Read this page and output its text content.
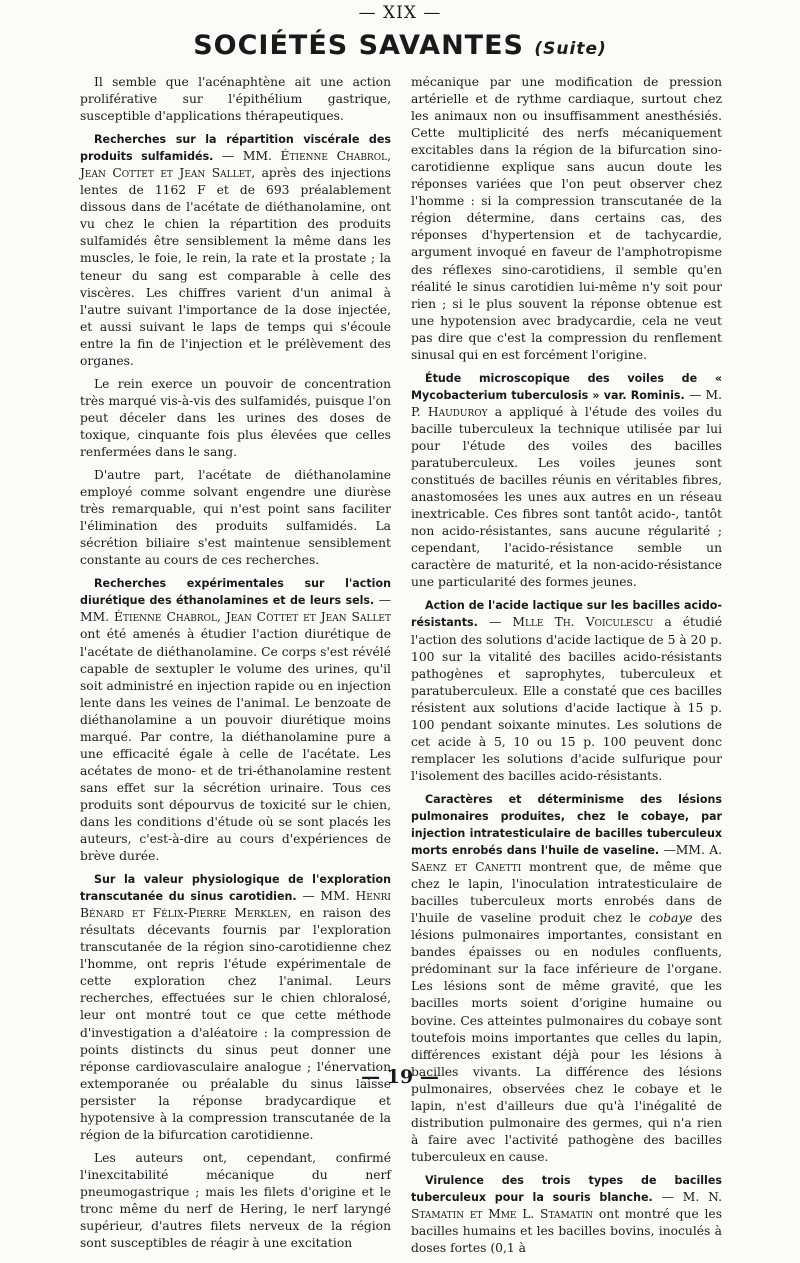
— XIX —
SOCIÉTÉS SAVANTES (Suite)

Il semble que l'acénaphtène ait une action proliférative sur l'épithélium gastrique, susceptible d'applications thérapeutiques.

Recherches sur la répartition viscérale des produits sulfamidés. — MM. Étienne Chabrol, Jean Cottet et Jean Sallet, après des injections lentes de 1162 F et de 693 préalablement dissous dans de l'acétate de diéthanolamine, ont vu chez le chien la répartition des produits sulfamidés être sensiblement la même dans les muscles, le foie, le rein, la rate et la prostate ; la teneur du sang est comparable à celle des viscères. Les chiffres varient d'un animal à l'autre suivant l'importance de la dose injectée, et aussi suivant le laps de temps qui s'écoule entre la fin de l'injection et le prélèvement des organes.

Le rein exerce un pouvoir de concentration très marqué vis-à-vis des sulfamidés, puisque l'on peut déceler dans les urines des doses de toxique, cinquante fois plus élevées que celles renfermées dans le sang.

D'autre part, l'acétate de diéthanolamine employé comme solvant engendre une diurèse très remarquable, qui n'est point sans faciliter l'élimination des produits sulfamidés. La sécrétion biliaire s'est maintenue sensiblement constante au cours de ces recherches.

Recherches expérimentales sur l'action diurétique des éthanolamines et de leurs sels. — MM. Étienne Chabrol, Jean Cottet et Jean Sallet ont été amenés à étudier l'action diurétique de l'acétate de diéthanolamine. Ce corps s'est révélé capable de sextupler le volume des urines, qu'il soit administré en injection rapide ou en injection lente dans les veines de l'animal. Le benzoate de diéthanolamine a un pouvoir diurétique moins marqué. Par contre, la diéthanolamine pure a une efficacité égale à celle de l'acétate. Les acétates de mono- et de tri-éthanolamine restent sans effet sur la sécrétion urinaire. Tous ces produits sont dépourvus de toxicité sur le chien, dans les conditions d'étude où se sont placés les auteurs, c'est-à-dire au cours d'expériences de brève durée.

Sur la valeur physiologique de l'exploration transcutanée du sinus carotidien. — MM. Henri Bénard et Félix-Pierre Merklen, en raison des résultats décevants fournis par l'exploration transcutanée de la région sino-carotidienne chez l'homme, ont repris l'étude expérimentale de cette exploration chez l'animal. Leurs recherches, effectuées sur le chien chloralosé, leur ont montré tout ce que cette méthode d'investigation a d'aléatoire : la compression de points distincts du sinus peut donner une réponse cardiovasculaire analogue ; l'énervation extemporanée ou préalable du sinus laisse persister la réponse bradycardique et hypotensive à la compression transcutanée de la région de la bifurcation carotidienne.

Les auteurs ont, cependant, confirmé l'inexcitabilité mécanique du nerf pneumogastrique ; mais les filets d'origine et le tronc même du nerf de Hering, le nerf laryngé supérieur, d'autres filets nerveux de la région sont susceptibles de réagir à une excitation

mécanique par une modification de pression artérielle et de rythme cardiaque, surtout chez les animaux non ou insuffisamment anesthésiés. Cette multiplicité des nerfs mécaniquement excitables dans la région de la bifurcation sino-carotidienne explique sans aucun doute les réponses variées que l'on peut observer chez l'homme : si la compression transcutanée de la région détermine, dans certains cas, des réponses d'hypertension et de tachycardie, argument invoqué en faveur de l'amphotropisme des réflexes sino-carotidiens, il semble qu'en réalité le sinus carotidien lui-même n'y soit pour rien ; si le plus souvent la réponse obtenue est une hypotension avec bradycardie, cela ne veut pas dire que c'est la compression du renflement sinusal qui en est forcément l'origine.

Étude microscopique des voiles de « Mycobacterium tuberculosis » var. Rominis. — M. P. Hauduroy a appliqué à l'étude des voiles du bacille tuberculeux la technique utilisée par lui pour l'étude des voiles des bacilles paratuberculeux. Les voiles jeunes sont constitués de bacilles réunis en véritables fibres, anastomosées les unes aux autres en un réseau inextricable. Ces fibres sont tantôt acido-, tantôt non acido-résistantes, sans aucune régularité ; cependant, l'acido-résistance semble un caractère de maturité, et la non-acido-résistance une particularité des formes jeunes.

Action de l'acide lactique sur les bacilles acido-résistants. — Mlle Th. Voiculescu a étudié l'action des solutions d'acide lactique de 5 à 20 p. 100 sur la vitalité des bacilles acido-résistants pathogènes et saprophytes, tuberculeux et paratuberculeux. Elle a constaté que ces bacilles résistent aux solutions d'acide lactique à 15 p. 100 pendant soixante minutes. Les solutions de cet acide à 5, 10 ou 15 p. 100 peuvent donc remplacer les solutions d'acide sulfurique pour l'isolement des bacilles acido-résistants.

Caractères et déterminisme des lésions pulmonaires produites, chez le cobaye, par injection intratesticulaire de bacilles tuberculeux morts enrobés dans l'huile de vaseline. —MM. A. Saenz et Canetti montrent que, de même que chez le lapin, l'inoculation intratesticulaire de bacilles tuberculeux morts enrobés dans de l'huile de vaseline produit chez le cobaye des lésions pulmonaires importantes, consistant en bandes épaisses ou en nodules confluents, prédominant sur la face inférieure de l'organe. Les lésions sont de même gravité, que les bacilles morts soient d'origine humaine ou bovine. Ces atteintes pulmonaires du cobaye sont toutefois moins importantes que celles du lapin, différences existant déjà pour les lésions à bacilles vivants. La différence des lésions pulmonaires, observées chez le cobaye et le lapin, n'est d'ailleurs due qu'à l'inégalité de distribution pulmonaire des germes, qui n'a rien à faire avec l'activité pathogène des bacilles tuberculeux en cause.

Virulence des trois types de bacilles tuberculeux pour la souris blanche. — M. N. Stamatin et Mme L. Stamatin ont montré que les bacilles humains et les bacilles bovins, inoculés à doses fortes (0,1 à

— 19 —
